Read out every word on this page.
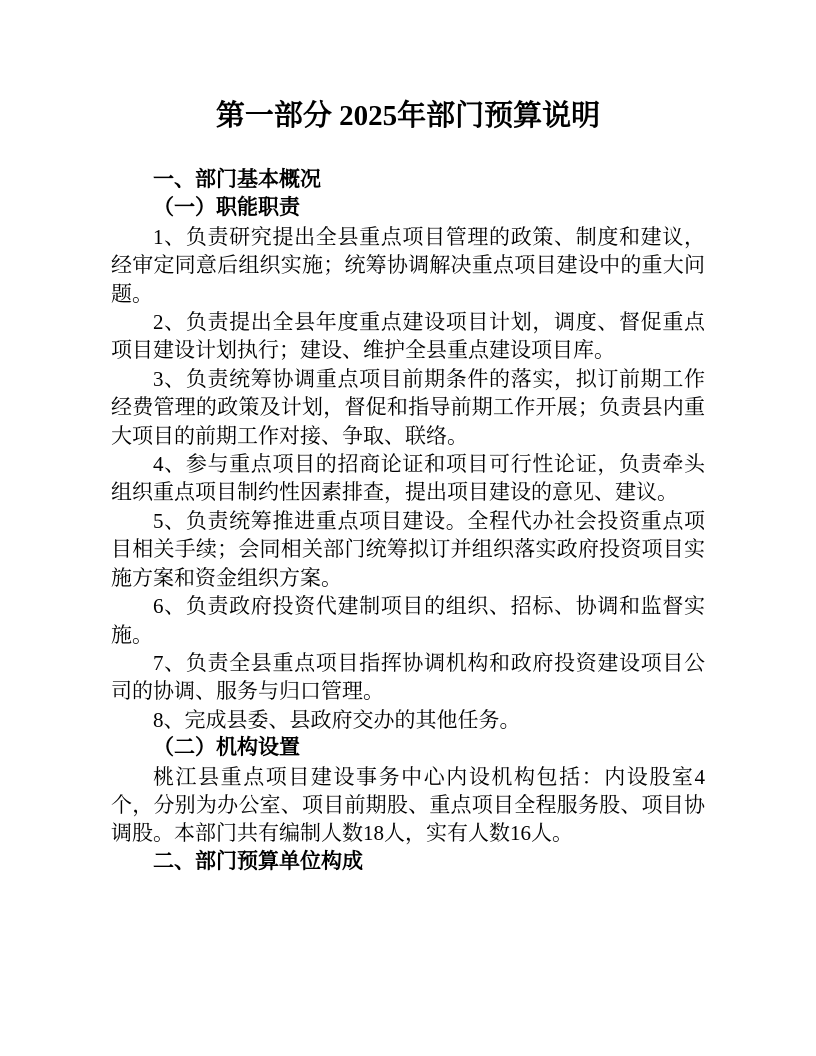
第一部分 2025年部门预算说明

一、部门基本概况

（一）职能职责

1、负责研究提出全县重点项目管理的政策、制度和建议，经审定同意后组织实施；统筹协调解决重点项目建设中的重大问题。

2、负责提出全县年度重点建设项目计划，调度、督促重点项目建设计划执行；建设、维护全县重点建设项目库。

3、负责统筹协调重点项目前期条件的落实，拟订前期工作经费管理的政策及计划，督促和指导前期工作开展；负责县内重大项目的前期工作对接、争取、联络。

4、参与重点项目的招商论证和项目可行性论证，负责牵头组织重点项目制约性因素排查，提出项目建设的意见、建议。

5、负责统筹推进重点项目建设。全程代办社会投资重点项目相关手续；会同相关部门统筹拟订并组织落实政府投资项目实施方案和资金组织方案。

6、负责政府投资代建制项目的组织、招标、协调和监督实施。

7、负责全县重点项目指挥协调机构和政府投资建设项目公司的协调、服务与归口管理。

8、完成县委、县政府交办的其他任务。

（二）机构设置

桃江县重点项目建设事务中心内设机构包括：内设股室4个，分别为办公室、项目前期股、重点项目全程服务股、项目协调股。本部门共有编制人数18人，实有人数16人。

二、部门预算单位构成
